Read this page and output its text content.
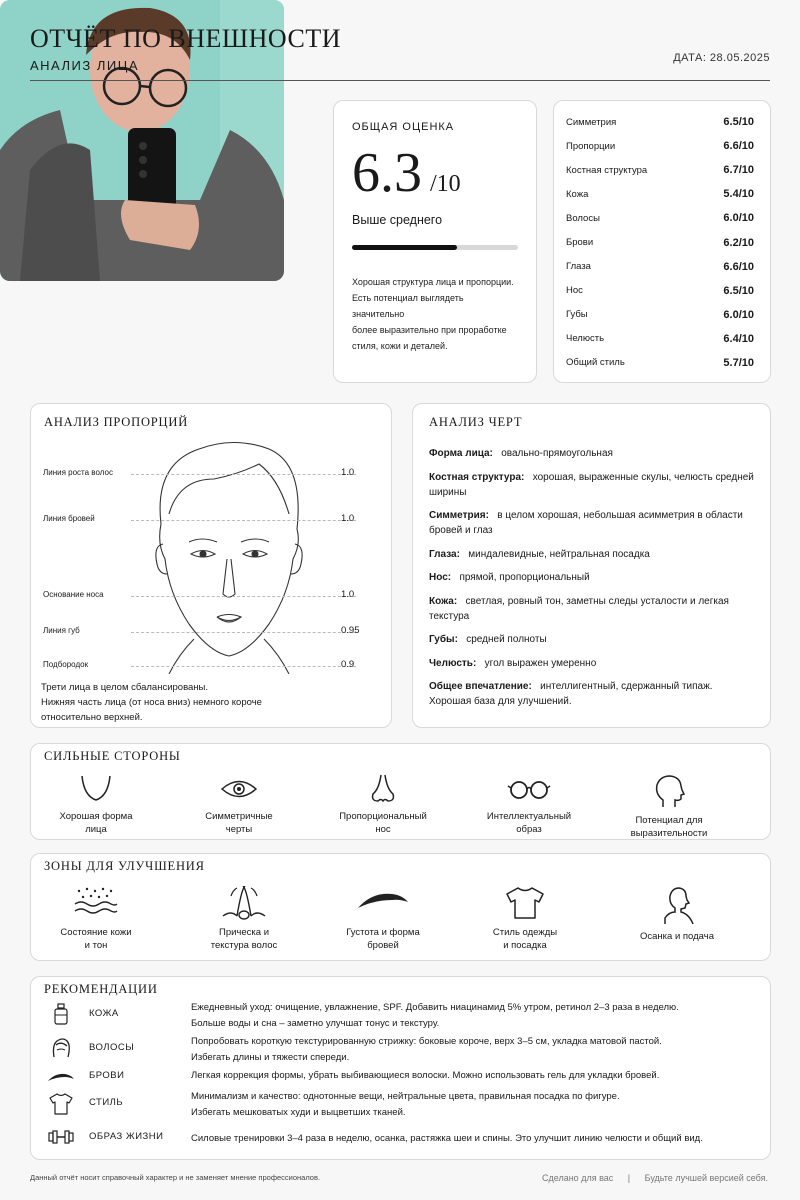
ОТЧЁТ ПО ВНЕШНОСТИ
АНАЛИЗ ЛИЦА	ДАТА: 28.05.2025
ОБЩАЯ ОЦЕНКА
6.3 /10
Выше среднего
Хорошая структура лица и пропорции.
Есть потенциал выглядеть значительно
более выразительно при проработке
стиля, кожи и деталей.
Симметрия	6.5/10
Пропорции	6.6/10
Костная структура	6.7/10
Кожа	5.4/10
Волосы	6.0/10
Брови	6.2/10
Глаза	6.6/10
Нос	6.5/10
Губы	6.0/10
Челюсть	6.4/10
Общий стиль	5.7/10
АНАЛИЗ ПРОПОРЦИЙ
Линия роста волос	1.0
Линия бровей	1.0
Основание носа	1.0
Линия губ	0.95
Подбородок	0.9
Трети лица в целом сбалансированы.
Нижняя часть лица (от носа вниз) немного короче
относительно верхней.
АНАЛИЗ ЧЕРТ

Форма лица: овально-прямоугольная

Костная структура: хорошая, выраженные скулы, челюсть средней ширины

Симметрия: в целом хорошая, небольшая асимметрия в области бровей и глаз

Глаза: миндалевидные, нейтральная посадка

Нос: прямой, пропорциональный

Кожа: светлая, ровный тон, заметны следы усталости и легкая текстура

Губы: средней полноты

Челюсть: угол выражен умеренно

Общее впечатление: интеллигентный, сдержанный типаж. Хорошая база для улучшений.

СИЛЬНЫЕ СТОРОНЫ
Хорошая форма
лица
Симметричные
черты
Пропорциональный
нос
Интеллектуальный
образ
Потенциал для
выразительности
ЗОНЫ ДЛЯ УЛУЧШЕНИЯ
Состояние кожи
и тон
Прическа и
текстура волос
Густота и форма
бровей
Стиль одежды
и посадка
Осанка и подача
РЕКОМЕНДАЦИИ
КОЖА
Ежедневный уход: очищение, увлажнение, SPF. Добавить ниацинамид 5% утром, ретинол 2–3 раза в неделю.
Больше воды и сна – заметно улучшат тонус и текстуру.
ВОЛОСЫ
Попробовать короткую текстурированную стрижку: боковые короче, верх 3–5 см, укладка матовой пастой.
Избегать длины и тяжести спереди.
БРОВИ	Легкая коррекция формы, убрать выбивающиеся волоски. Можно использовать гель для укладки бровей.
СТИЛЬ
Минимализм и качество: однотонные вещи, нейтральные цвета, правильная посадка по фигуре.
Избегать мешковатых худи и выцветших тканей.
ОБРАЗ ЖИЗНИ	Силовые тренировки 3–4 раза в неделю, осанка, растяжка шеи и спины. Это улучшит линию челюсти и общий вид.
Данный отчёт носит справочный характер и не заменяет мнение профессионалов.	Сделано для вас | Будьте лучшей версией себя.
